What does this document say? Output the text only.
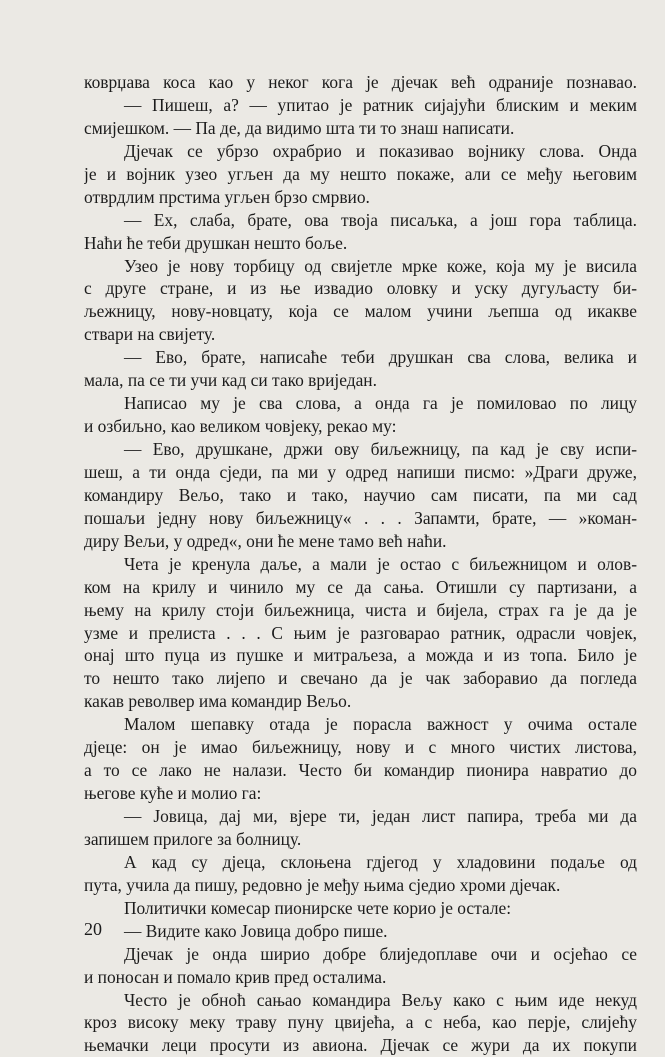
коврџава коса као у неког кога је дјечак већ одраније познавао.
— Пишеш, а? — упитао је ратник сијајући блиским и меким
смијешком. — Па де, да видимо шта ти то знаш написати.
Дјечак се убрзо охрабрио и показивао војнику слова. Онда
је и војник узео угљен да му нешто покаже, али се међу његовим
отврдлим прстима угљен брзо смрвио.
— Ех, слаба, брате, ова твоја писаљка, а још гора таблица.
Наћи ће теби друшкан нешто боље.
Узео је нову торбицу од свијетле мрке коже, која му је висила
с друге стране, и из ње извадио оловку и уску дугуљасту би-
љежницу, нову-новцату, која се малом учини љепша од икакве
ствари на свијету.
— Ево, брате, написаће теби друшкан сва слова, велика и
мала, па се ти учи кад си тако вриједан.
Написао му је сва слова, а онда га је помиловао по лицу
и озбиљно, као великом човјеку, рекао му:
— Ево, друшкане, држи ову биљежницу, па кад је сву испи-
шеш, а ти онда сједи, па ми у одред напиши писмо: »Драги друже,
командиру Вељо, тако и тако, научио сам писати, па ми сад
пошаљи једну нову биљежницу« . . . Запамти, брате, — »коман-
диру Вељи, у одред«, они ће мене тамо већ наћи.
Чета је кренула даље, а мали је остао с биљежницом и олов-
ком на крилу и чинило му се да сања. Отишли су партизани, а
њему на крилу стоји биљежница, чиста и бијела, страх га је да је
узме и прелиста . . . С њим је разговарао ратник, одрасли човјек,
онај што пуца из пушке и митраљеза, а можда и из топа. Било је
то нешто тако лијепо и свечано да је чак заборавио да погледа
какав револвер има командир Вељо.
Малом шепавку отада је порасла важност у очима остале
дјеце: он је имао биљежницу, нову и с много чистих листова,
а то се лако не налази. Често би командир пионира навратио до
његове куће и молио га:
— Јовица, дај ми, вјере ти, један лист папира, треба ми да
запишем прилоге за болницу.
А кад су дјеца, склоњена гдјегод у хладовини подаље од
пута, учила да пишу, редовно је међу њима сједио хроми дјечак.
Политички комесар пионирске чете корио је остале:
— Видите како Јовица добро пише.
Дјечак је онда ширио добре блиједоплаве очи и осјећао се
и поносан и помало крив пред осталима.
Често је обноћ сањао командира Вељу како с њим иде некуд
кроз високу меку траву пуну цвијећа, а с неба, као перје, слијећу
њемачки леци просути из авиона. Дјечак се жури да их покупи
20
